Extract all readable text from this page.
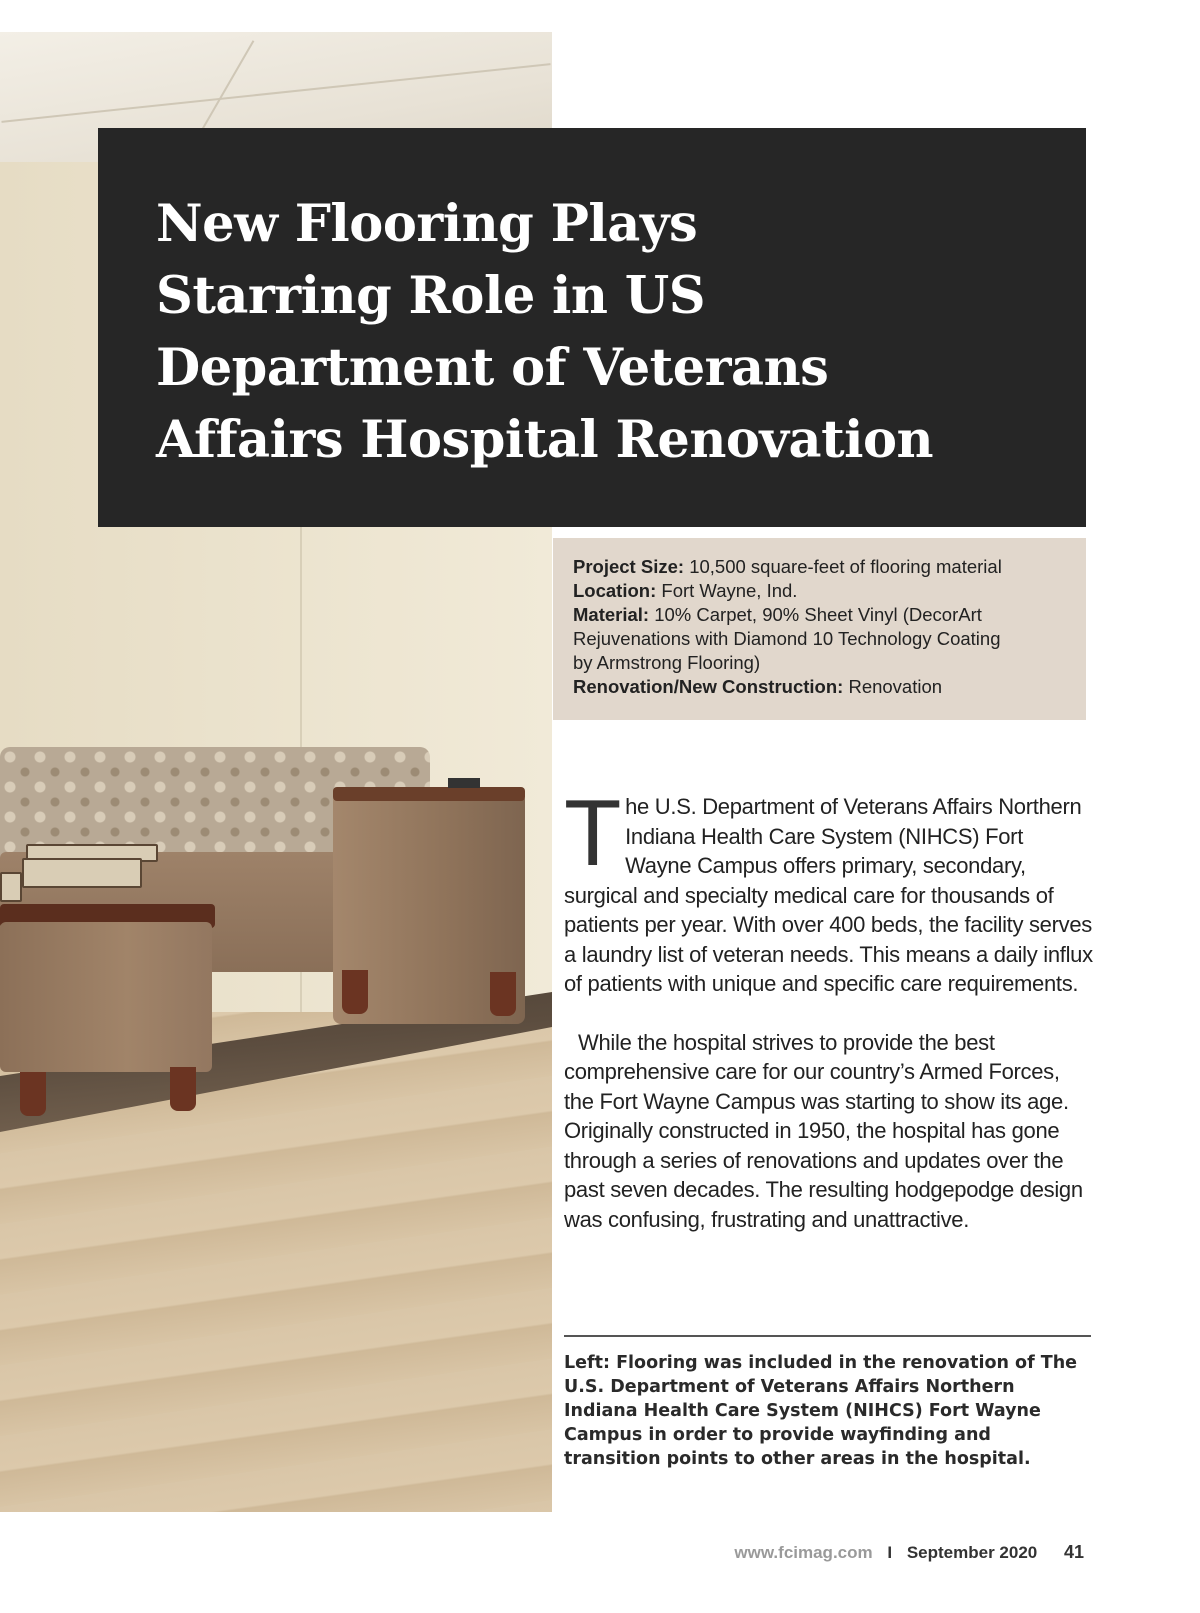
New Flooring Plays
Starring Role in US
Department of Veterans
Affairs Hospital Renovation
Project Size: 10,500 square-feet of flooring material
Location: Fort Wayne, Ind.
Material: 10% Carpet, 90% Sheet Vinyl (DecorArt
Rejuvenations with Diamond 10 Technology Coating
by Armstrong Flooring)
Renovation/New Construction: Renovation

The U.S. Department of Veterans Affairs Northern Indiana Health Care System (NIHCS) Fort Wayne Campus offers primary, secondary, surgical and specialty medical care for thousands of patients per year. With over 400 beds, the facility serves a laundry list of veteran needs. This means a daily influx of patients with unique and specific care requirements.

While the hospital strives to provide the best comprehensive care for our country’s Armed Forces, the Fort Wayne Campus was starting to show its age. Originally constructed in 1950, the hospital has gone through a series of renovations and updates over the past seven decades. The resulting hodgepodge design was confusing, frustrating and unattractive.

Left: Flooring was included in the renovation of The U.S. Department of Veterans Affairs Northern Indiana Health Care System (NIHCS) Fort Wayne Campus in order to provide wayfinding and transition points to other areas in the hospital.

www.fcimag.com I September 2020 41
